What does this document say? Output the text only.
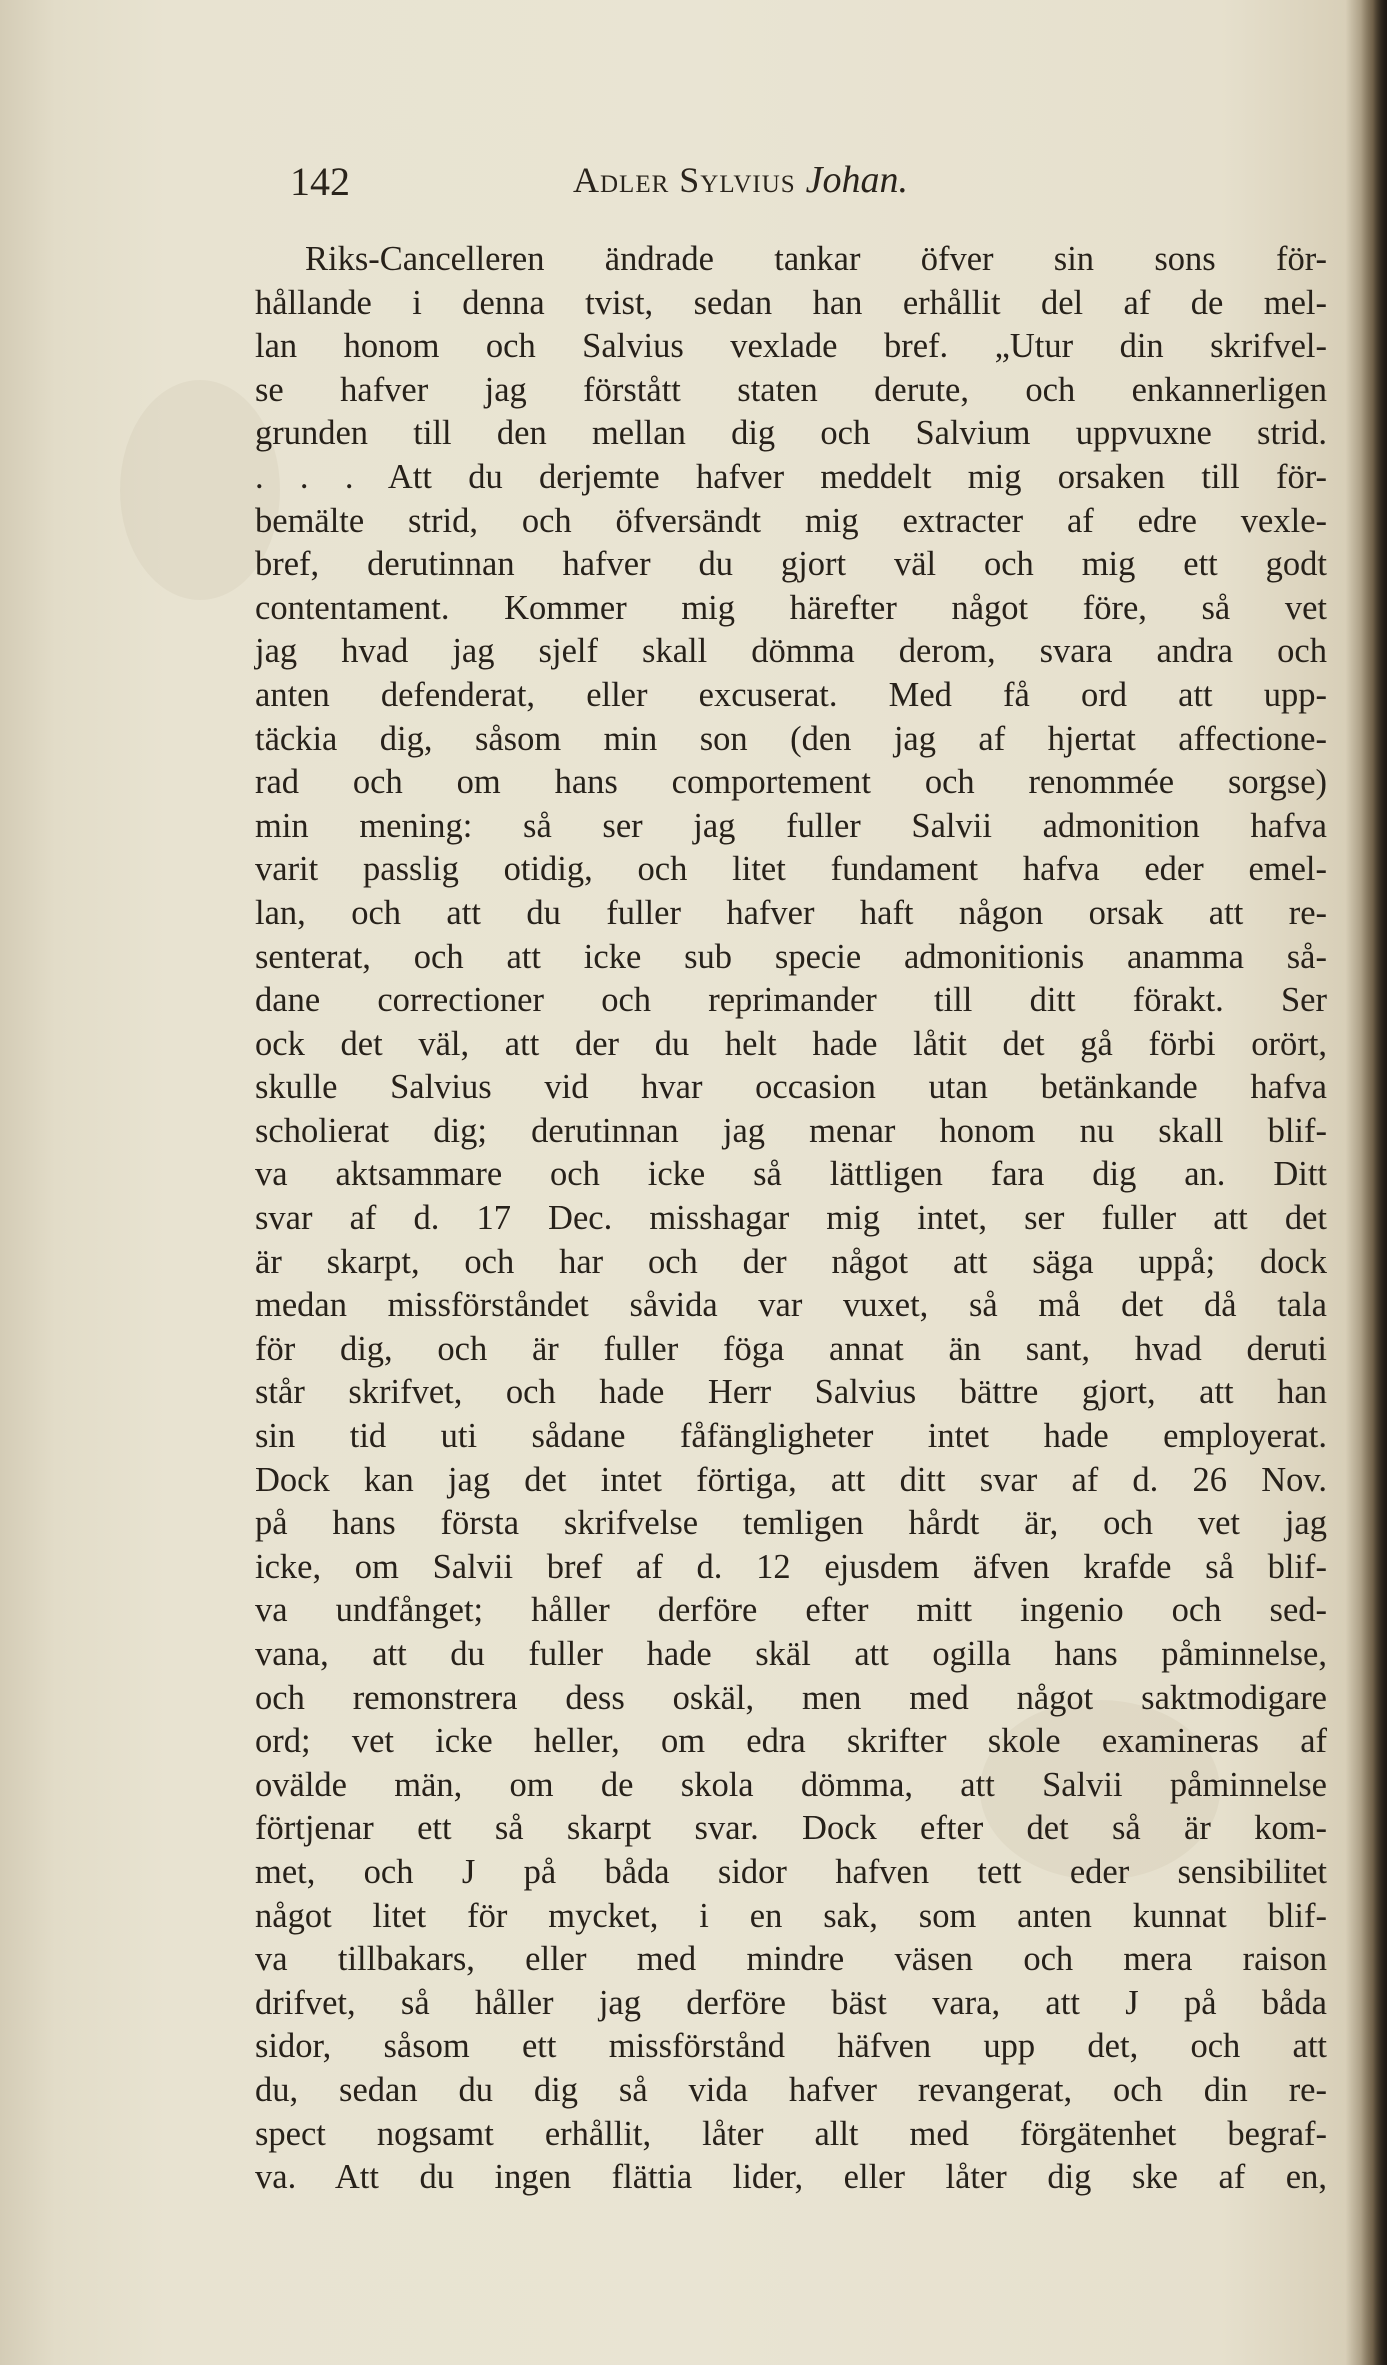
142	Adler Sylvius Johan.
Riks-Cancelleren ändrade tankar öfver sin sons för-
hållande i denna tvist, sedan han erhållit del af de mel-
lan honom och Salvius vexlade bref. „Utur din skrifvel-
se hafver jag förstått staten derute, och enkannerligen
grunden till den mellan dig och Salvium uppvuxne strid.
. . . Att du derjemte hafver meddelt mig orsaken till för-
bemälte strid, och öfversändt mig extracter af edre vexle-
bref, derutinnan hafver du gjort väl och mig ett godt
contentament. Kommer mig härefter något före, så vet
jag hvad jag sjelf skall dömma derom, svara andra och
anten defenderat, eller excuserat. Med få ord att upp-
täckia dig, såsom min son (den jag af hjertat affectione-
rad och om hans comportement och renommée sorgse)
min mening: så ser jag fuller Salvii admonition hafva
varit passlig otidig, och litet fundament hafva eder emel-
lan, och att du fuller hafver haft någon orsak att re-
senterat, och att icke sub specie admonitionis anamma så-
dane correctioner och reprimander till ditt förakt. Ser
ock det väl, att der du helt hade låtit det gå förbi orört,
skulle Salvius vid hvar occasion utan betänkande hafva
scholierat dig; derutinnan jag menar honom nu skall blif-
va aktsammare och icke så lättligen fara dig an. Ditt
svar af d. 17 Dec. misshagar mig intet, ser fuller att det
är skarpt, och har och der något att säga uppå; dock
medan missförståndet såvida var vuxet, så må det då tala
för dig, och är fuller föga annat än sant, hvad deruti
står skrifvet, och hade Herr Salvius bättre gjort, att han
sin tid uti sådane fåfängligheter intet hade employerat.
Dock kan jag det intet förtiga, att ditt svar af d. 26 Nov.
på hans första skrifvelse temligen hårdt är, och vet jag
icke, om Salvii bref af d. 12 ejusdem äfven krafde så blif-
va undfånget; håller derföre efter mitt ingenio och sed-
vana, att du fuller hade skäl att ogilla hans påminnelse,
och remonstrera dess oskäl, men med något saktmodigare
ord; vet icke heller, om edra skrifter skole examineras af
ovälde män, om de skola dömma, att Salvii påminnelse
förtjenar ett så skarpt svar. Dock efter det så är kom-
met, och J på båda sidor hafven tett eder sensibilitet
något litet för mycket, i en sak, som anten kunnat blif-
va tillbakars, eller med mindre väsen och mera raison
drifvet, så håller jag derföre bäst vara, att J på båda
sidor, såsom ett missförstånd häfven upp det, och att
du, sedan du dig så vida hafver revangerat, och din re-
spect nogsamt erhållit, låter allt med förgätenhet begraf-
va. Att du ingen flättia lider, eller låter dig ske af en,
